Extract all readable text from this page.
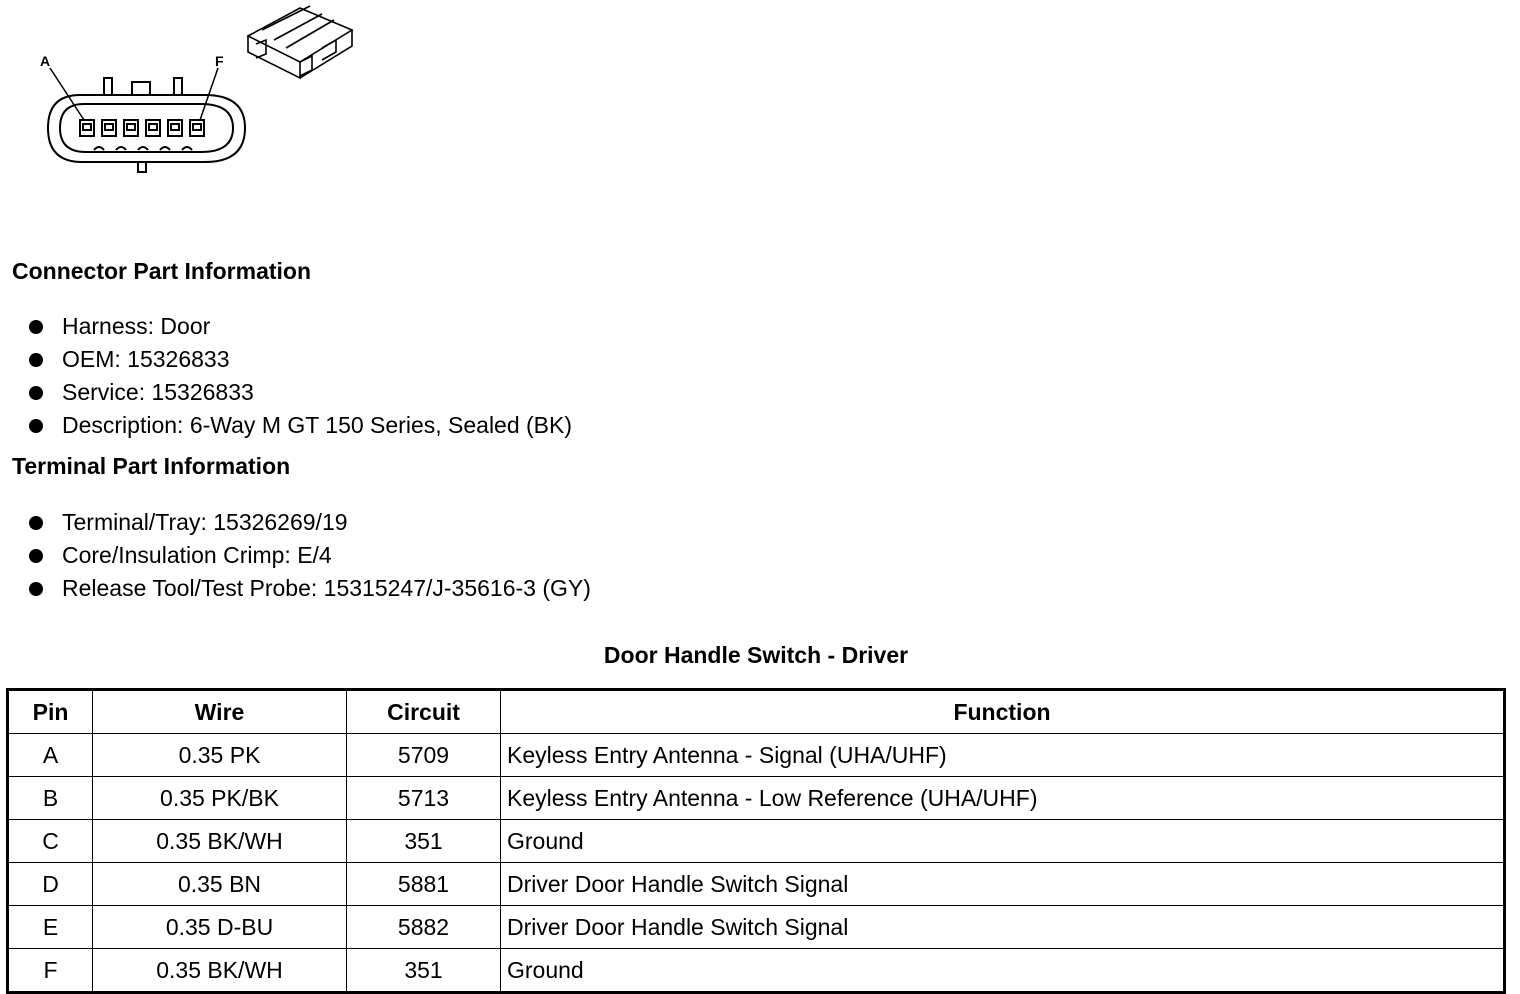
A	F
Connector Part Information
Harness: Door
OEM: 15326833
Service: 15326833
Description: 6-Way M GT 150 Series, Sealed (BK)
Terminal Part Information
Terminal/Tray: 15326269/19
Core/Insulation Crimp: E/4
Release Tool/Test Probe: 15315247/J-35616-3 (GY)
Door Handle Switch - Driver
Pin	Wire	Circuit	Function
A	0.35 PK	5709	Keyless Entry Antenna - Signal (UHA/UHF)
B	0.35 PK/BK	5713	Keyless Entry Antenna - Low Reference (UHA/UHF)
C	0.35 BK/WH	351	Ground
D	0.35 BN	5881	Driver Door Handle Switch Signal
E	0.35 D-BU	5882	Driver Door Handle Switch Signal
F	0.35 BK/WH	351	Ground
